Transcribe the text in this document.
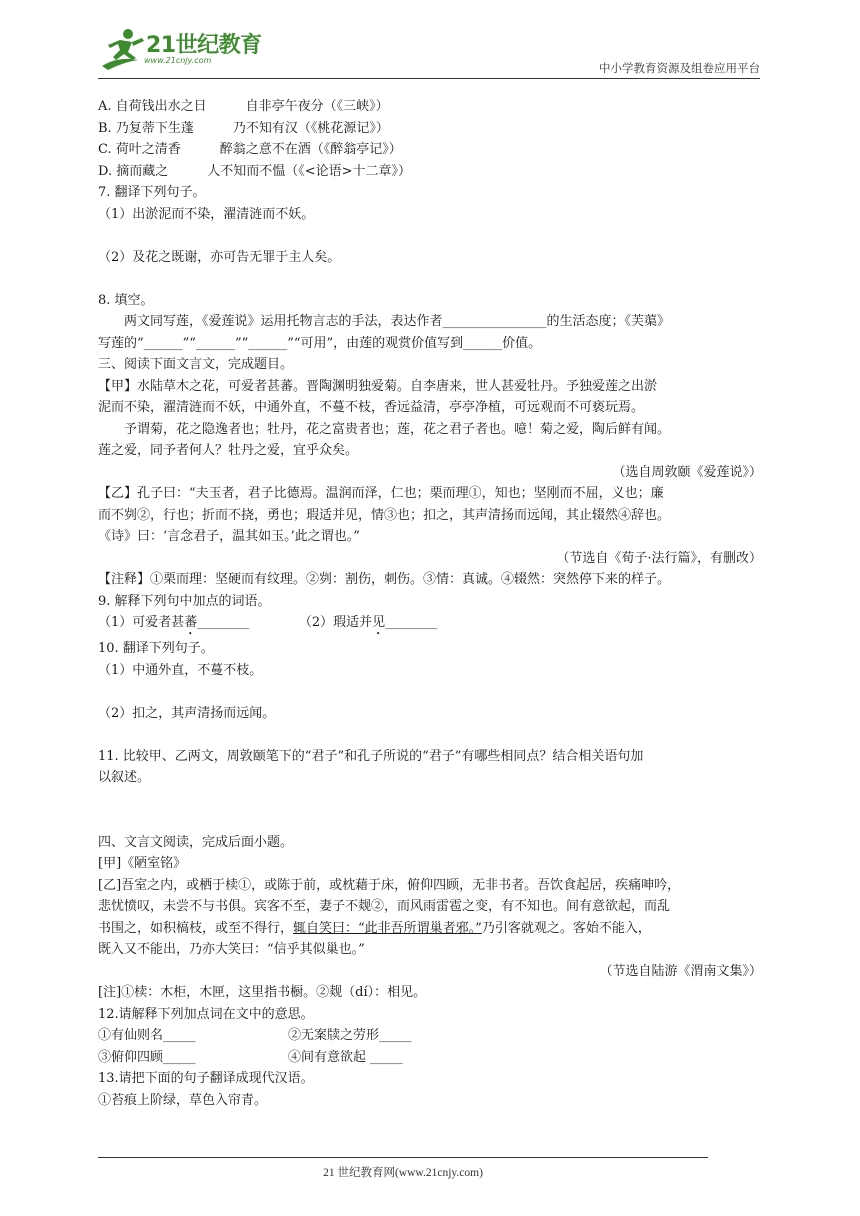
21世纪教育
www.21cnjy.com
中小学教育资源及组卷应用平台
A. 自荷钱出水之日　　　自非亭午夜分（《三峡》）
B. 乃复蒂下生蓬　　　乃不知有汉（《桃花源记》）
C. 荷叶之清香　　　醉翁之意不在酒（《醉翁亭记》）
D. 摘而藏之　　　人不知而不愠（《<论语>十二章》）
7. 翻译下列句子。
（1）出淤泥而不染，濯清涟而不妖。
（2）及花之既谢，亦可告无罪于主人矣。
8. 填空。
两文同写莲，《爱莲说》运用托物言志的手法，表达作者________________的生活态度；《芙蕖》
写莲的“______”“______”“______”“可用”，由莲的观赏价值写到______价值。
三、阅读下面文言文，完成题目。
【甲】水陆草木之花，可爱者甚蕃。晋陶渊明独爱菊。自李唐来，世人甚爱牡丹。予独爱莲之出淤
泥而不染，濯清涟而不妖，中通外直，不蔓不枝，香远益清，亭亭净植，可远观而不可亵玩焉。
予谓菊，花之隐逸者也；牡丹，花之富贵者也；莲，花之君子者也。噫！菊之爱，陶后鲜有闻。
莲之爱，同予者何人？牡丹之爱，宜乎众矣。
（选自周敦颐《爱莲说》）
【乙】孔子曰：“夫玉者，君子比德焉。温润而泽，仁也；栗而理①，知也；坚刚而不屈，义也；廉
而不刿②，行也；折而不挠，勇也；瑕适并见，情③也；扣之，其声清扬而远闻，其止辍然④辞也。
《诗》曰：‘言念君子，温其如玉。’此之谓也。”
（节选自《荀子·法行篇》，有删改）
【注释】①栗而理：坚硬而有纹理。②刿：割伤，刺伤。③情：真诚。④辍然：突然停下来的样子。
9. 解释下列句中加点的词语。
（1）可爱者甚蕃________	（2）瑕适并见________
10. 翻译下列句子。
（1）中通外直，不蔓不枝。
（2）扣之，其声清扬而远闻。
11. 比较甲、乙两文，周敦颐笔下的“君子”和孔子所说的“君子”有哪些相同点？结合相关语句加
以叙述。
四、文言文阅读，完成后面小题。
[甲]《陋室铭》
[乙]吾室之内，或栖于椟①，或陈于前，或枕藉于床，俯仰四顾，无非书者。吾饮食起居，疾痛呻吟，
悲忧愤叹，未尝不与书俱。宾客不至，妻子不觌②，而风雨雷雹之变，有不知也。间有意欲起，而乱
书围之，如积槁枝，或至不得行，辄自笑曰：“此非吾所谓巢者邪。”乃引客就观之。客始不能入，
既入又不能出，乃亦大笑曰：“信乎其似巢也。”
（节选自陆游《渭南文集》）
[注]①椟：木柜，木匣，这里指书橱。②觌（dí）：相见。
12.请解释下列加点词在文中的意思。
①有仙则名_____	②无案牍之劳形_____
③俯仰四顾_____	④间有意欲起 _____
13.请把下面的句子翻译成现代汉语。
①苔痕上阶绿，草色入帘青。
21 世纪教育网(www.21cnjy.com)
